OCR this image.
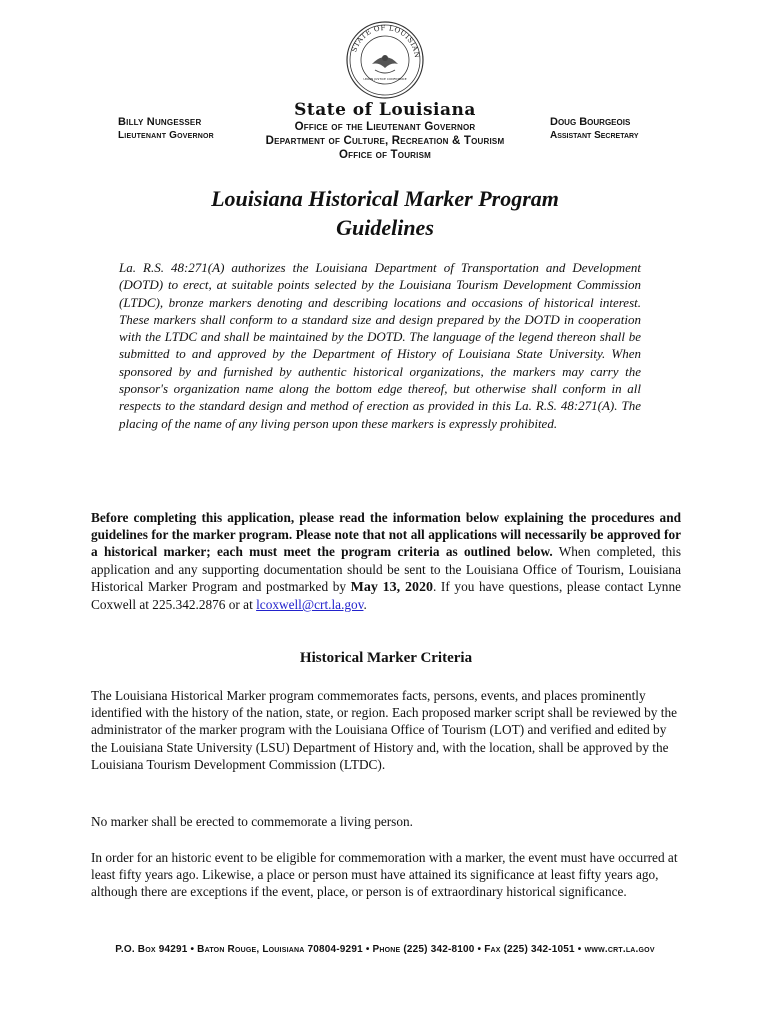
STATE OF LOUISIAN
UNION JUSTICE CONFIDENCE
Billy Nungesser
Lieutenant Governor
State of Louisiana
Office of the Lieutenant Governor
Department of Culture, Recreation & Tourism
Office of Tourism
Doug Bourgeois
Assistant Secretary
Louisiana Historical Marker Program
Guidelines
La. R.S. 48:271(A) authorizes the Louisiana Department of Transportation and Development (DOTD) to erect, at suitable points selected by the Louisiana Tourism Development Commission (LTDC), bronze markers denoting and describing locations and occasions of historical interest. These markers shall conform to a standard size and design prepared by the DOTD in cooperation with the LTDC and shall be maintained by the DOTD. The language of the legend thereon shall be submitted to and approved by the Department of History of Louisiana State University. When sponsored by and furnished by authentic historical organizations, the markers may carry the sponsor's organization name along the bottom edge thereof, but otherwise shall conform in all respects to the standard design and method of erection as provided in this La. R.S. 48:271(A). The placing of the name of any living person upon these markers is expressly prohibited.
Before completing this application, please read the information below explaining the procedures and guidelines for the marker program. Please note that not all applications will necessarily be approved for a historical marker; each must meet the program criteria as outlined below. When completed, this application and any supporting documentation should be sent to the Louisiana Office of Tourism, Louisiana Historical Marker Program and postmarked by May 13, 2020. If you have questions, please contact Lynne Coxwell at 225.342.2876 or at lcoxwell@crt.la.gov.
Historical Marker Criteria
The Louisiana Historical Marker program commemorates facts, persons, events, and places prominently identified with the history of the nation, state, or region. Each proposed marker script shall be reviewed by the administrator of the marker program with the Louisiana Office of Tourism (LOT) and verified and edited by the Louisiana State University (LSU) Department of History and, with the location, shall be approved by the Louisiana Tourism Development Commission (LTDC).
No marker shall be erected to commemorate a living person.
In order for an historic event to be eligible for commemoration with a marker, the event must have occurred at least fifty years ago. Likewise, a place or person must have attained its significance at least fifty years ago, although there are exceptions if the event, place, or person is of extraordinary historical significance.
P.O. Box 94291 • Baton Rouge, Louisiana 70804-9291 • Phone (225) 342-8100 • Fax (225) 342-1051 • www.crt.la.gov
